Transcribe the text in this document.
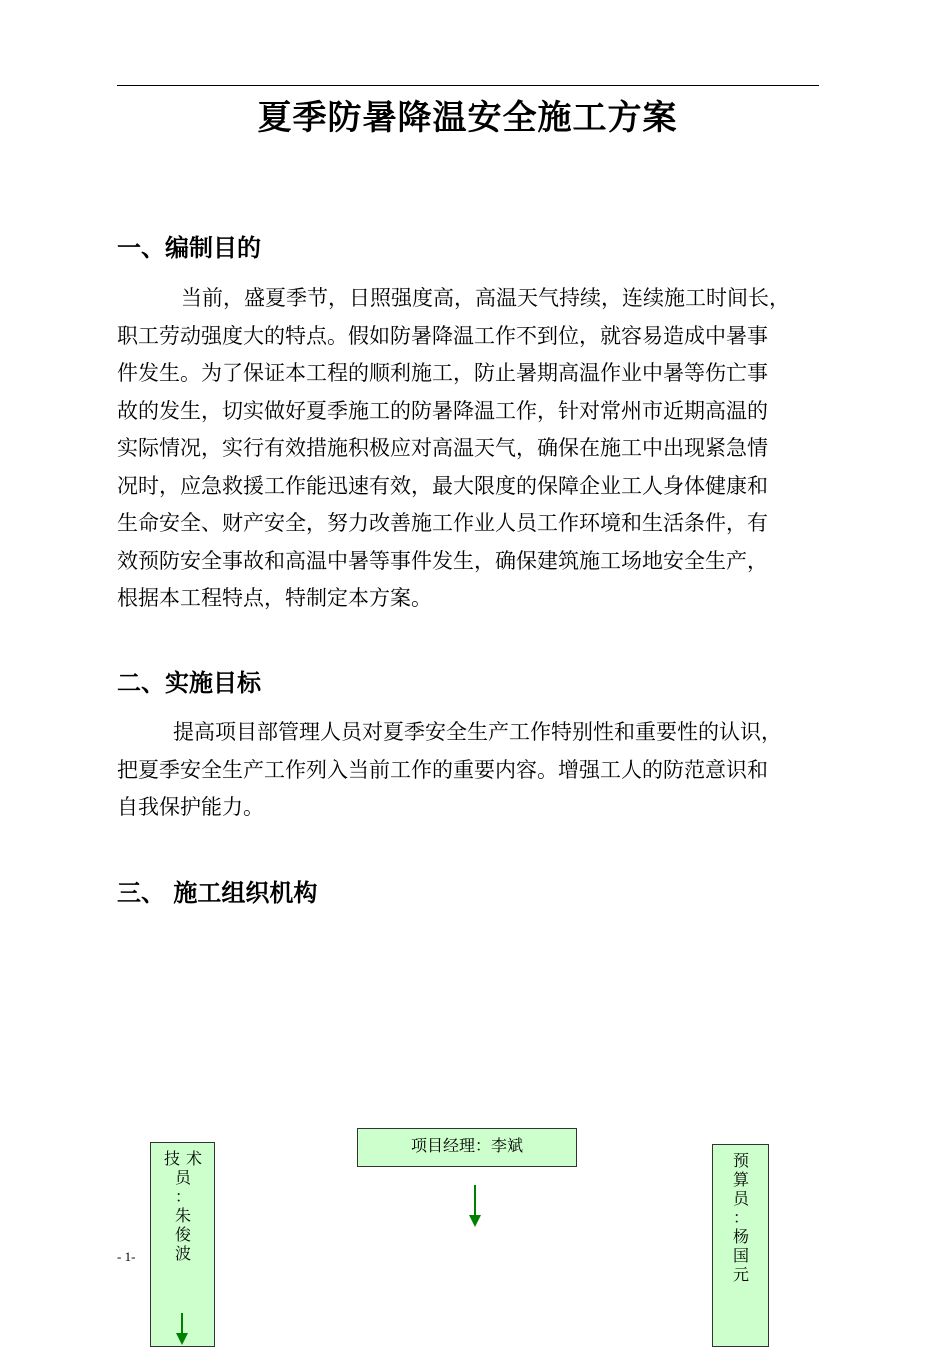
夏季防暑降温安全施工方案
一、编制目的
当前，盛夏季节，日照强度高，高温天气持续，连续施工时间长，
职工劳动强度大的特点。假如防暑降温工作不到位，就容易造成中暑事
件发生。为了保证本工程的顺利施工，防止暑期高温作业中暑等伤亡事
故的发生，切实做好夏季施工的防暑降温工作，针对常州市近期高温的
实际情况，实行有效措施积极应对高温天气，确保在施工中出现紧急情
况时，应急救援工作能迅速有效，最大限度的保障企业工人身体健康和
生命安全、财产安全，努力改善施工作业人员工作环境和生活条件，有
效预防安全事故和高温中暑等事件发生，确保建筑施工场地安全生产，
根据本工程特点，特制定本方案。
二、实施目标
提高项目部管理人员对夏季安全生产工作特别性和重要性的认识，
把夏季安全生产工作列入当前工作的重要内容。增强工人的防范意识和
自我保护能力。
三、 施工组织机构
项目经理：李斌
技 术
员
：
朱
俊
波
预
算
员
：
杨
国
元
- 1-
